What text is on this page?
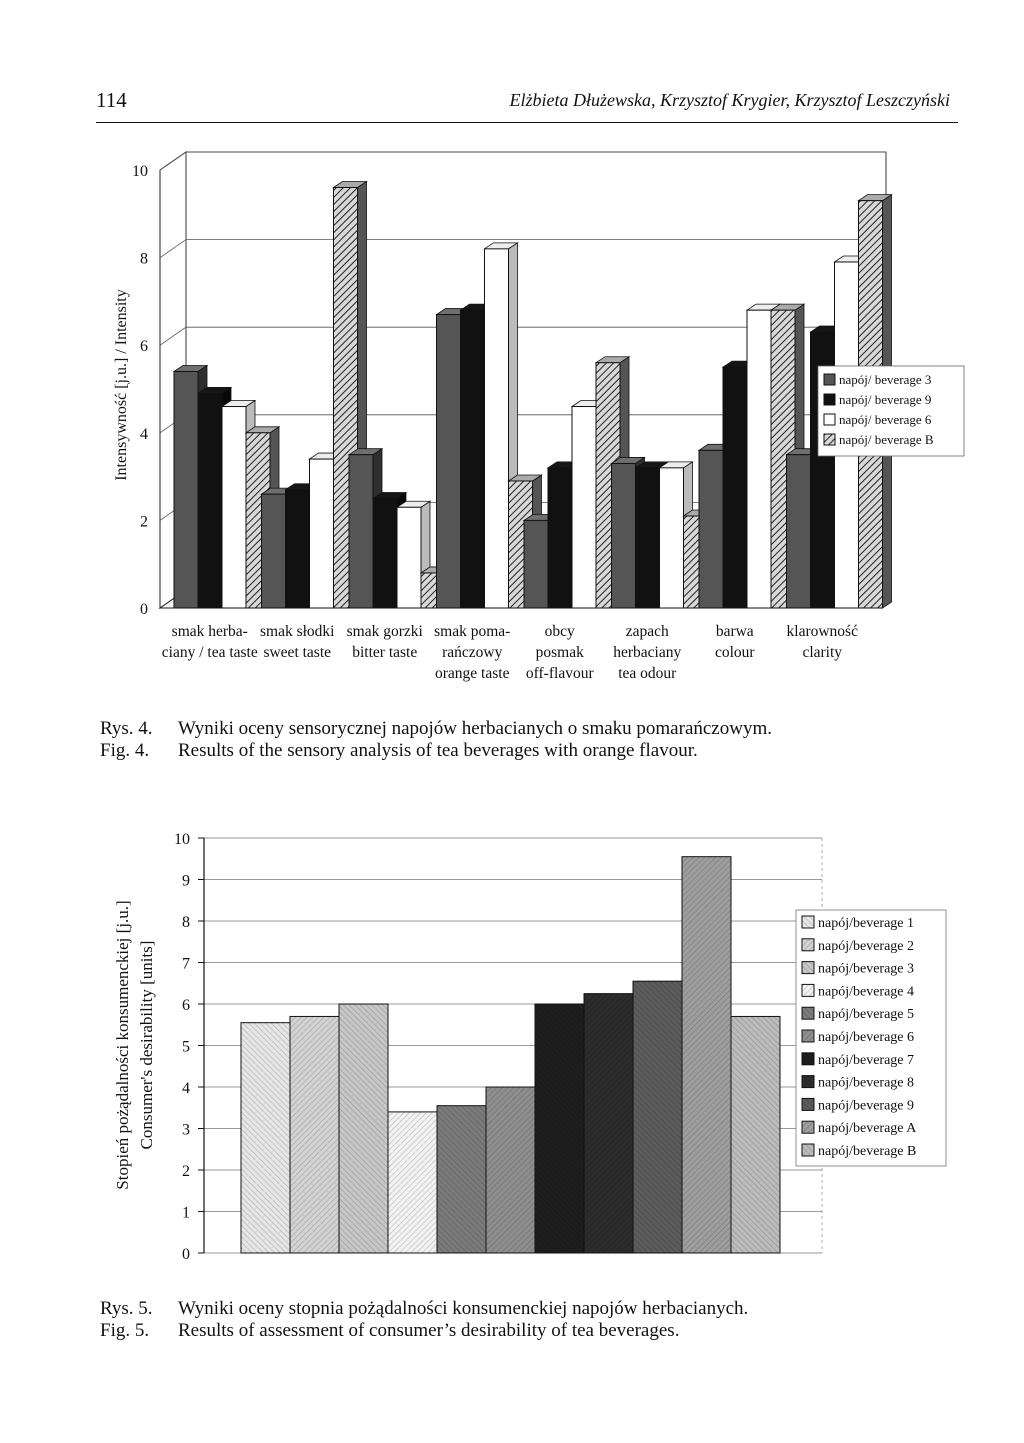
114	Elżbieta Dłużewska, Krzysztof Krygier, Krzysztof Leszczyński
0
2
4
6
8
10
Intensywność [j.u.] / Intensity
smak herba-
ciany / tea taste
smak słodki
sweet taste
smak gorzki
bitter taste
smak poma-
rańczowy
orange taste
obcy
posmak
off-flavour
zapach
herbaciany
tea odour
barwa
colour
klarowność
clarity
napój/ beverage 3
napój/ beverage 9
napój/ beverage 6
napój/ beverage B
Rys. 4. Wyniki oceny sensorycznej napojów herbacianych o smaku pomarańczowym.
Fig. 4. Results of the sensory analysis of tea beverages with orange flavour.
0
1
2
3
4
5
6
7
8
9
10
Stopień pożądalności konsumenckiej [j.u.] Consumer's desirability [units]
napój/beverage 1
napój/beverage 2
napój/beverage 3
napój/beverage 4
napój/beverage 5
napój/beverage 6
napój/beverage 7
napój/beverage 8
napój/beverage 9
napój/beverage A
napój/beverage B
Rys. 5. Wyniki oceny stopnia pożądalności konsumenckiej napojów herbacianych.
Fig. 5. Results of assessment of consumer’s desirability of tea beverages.
